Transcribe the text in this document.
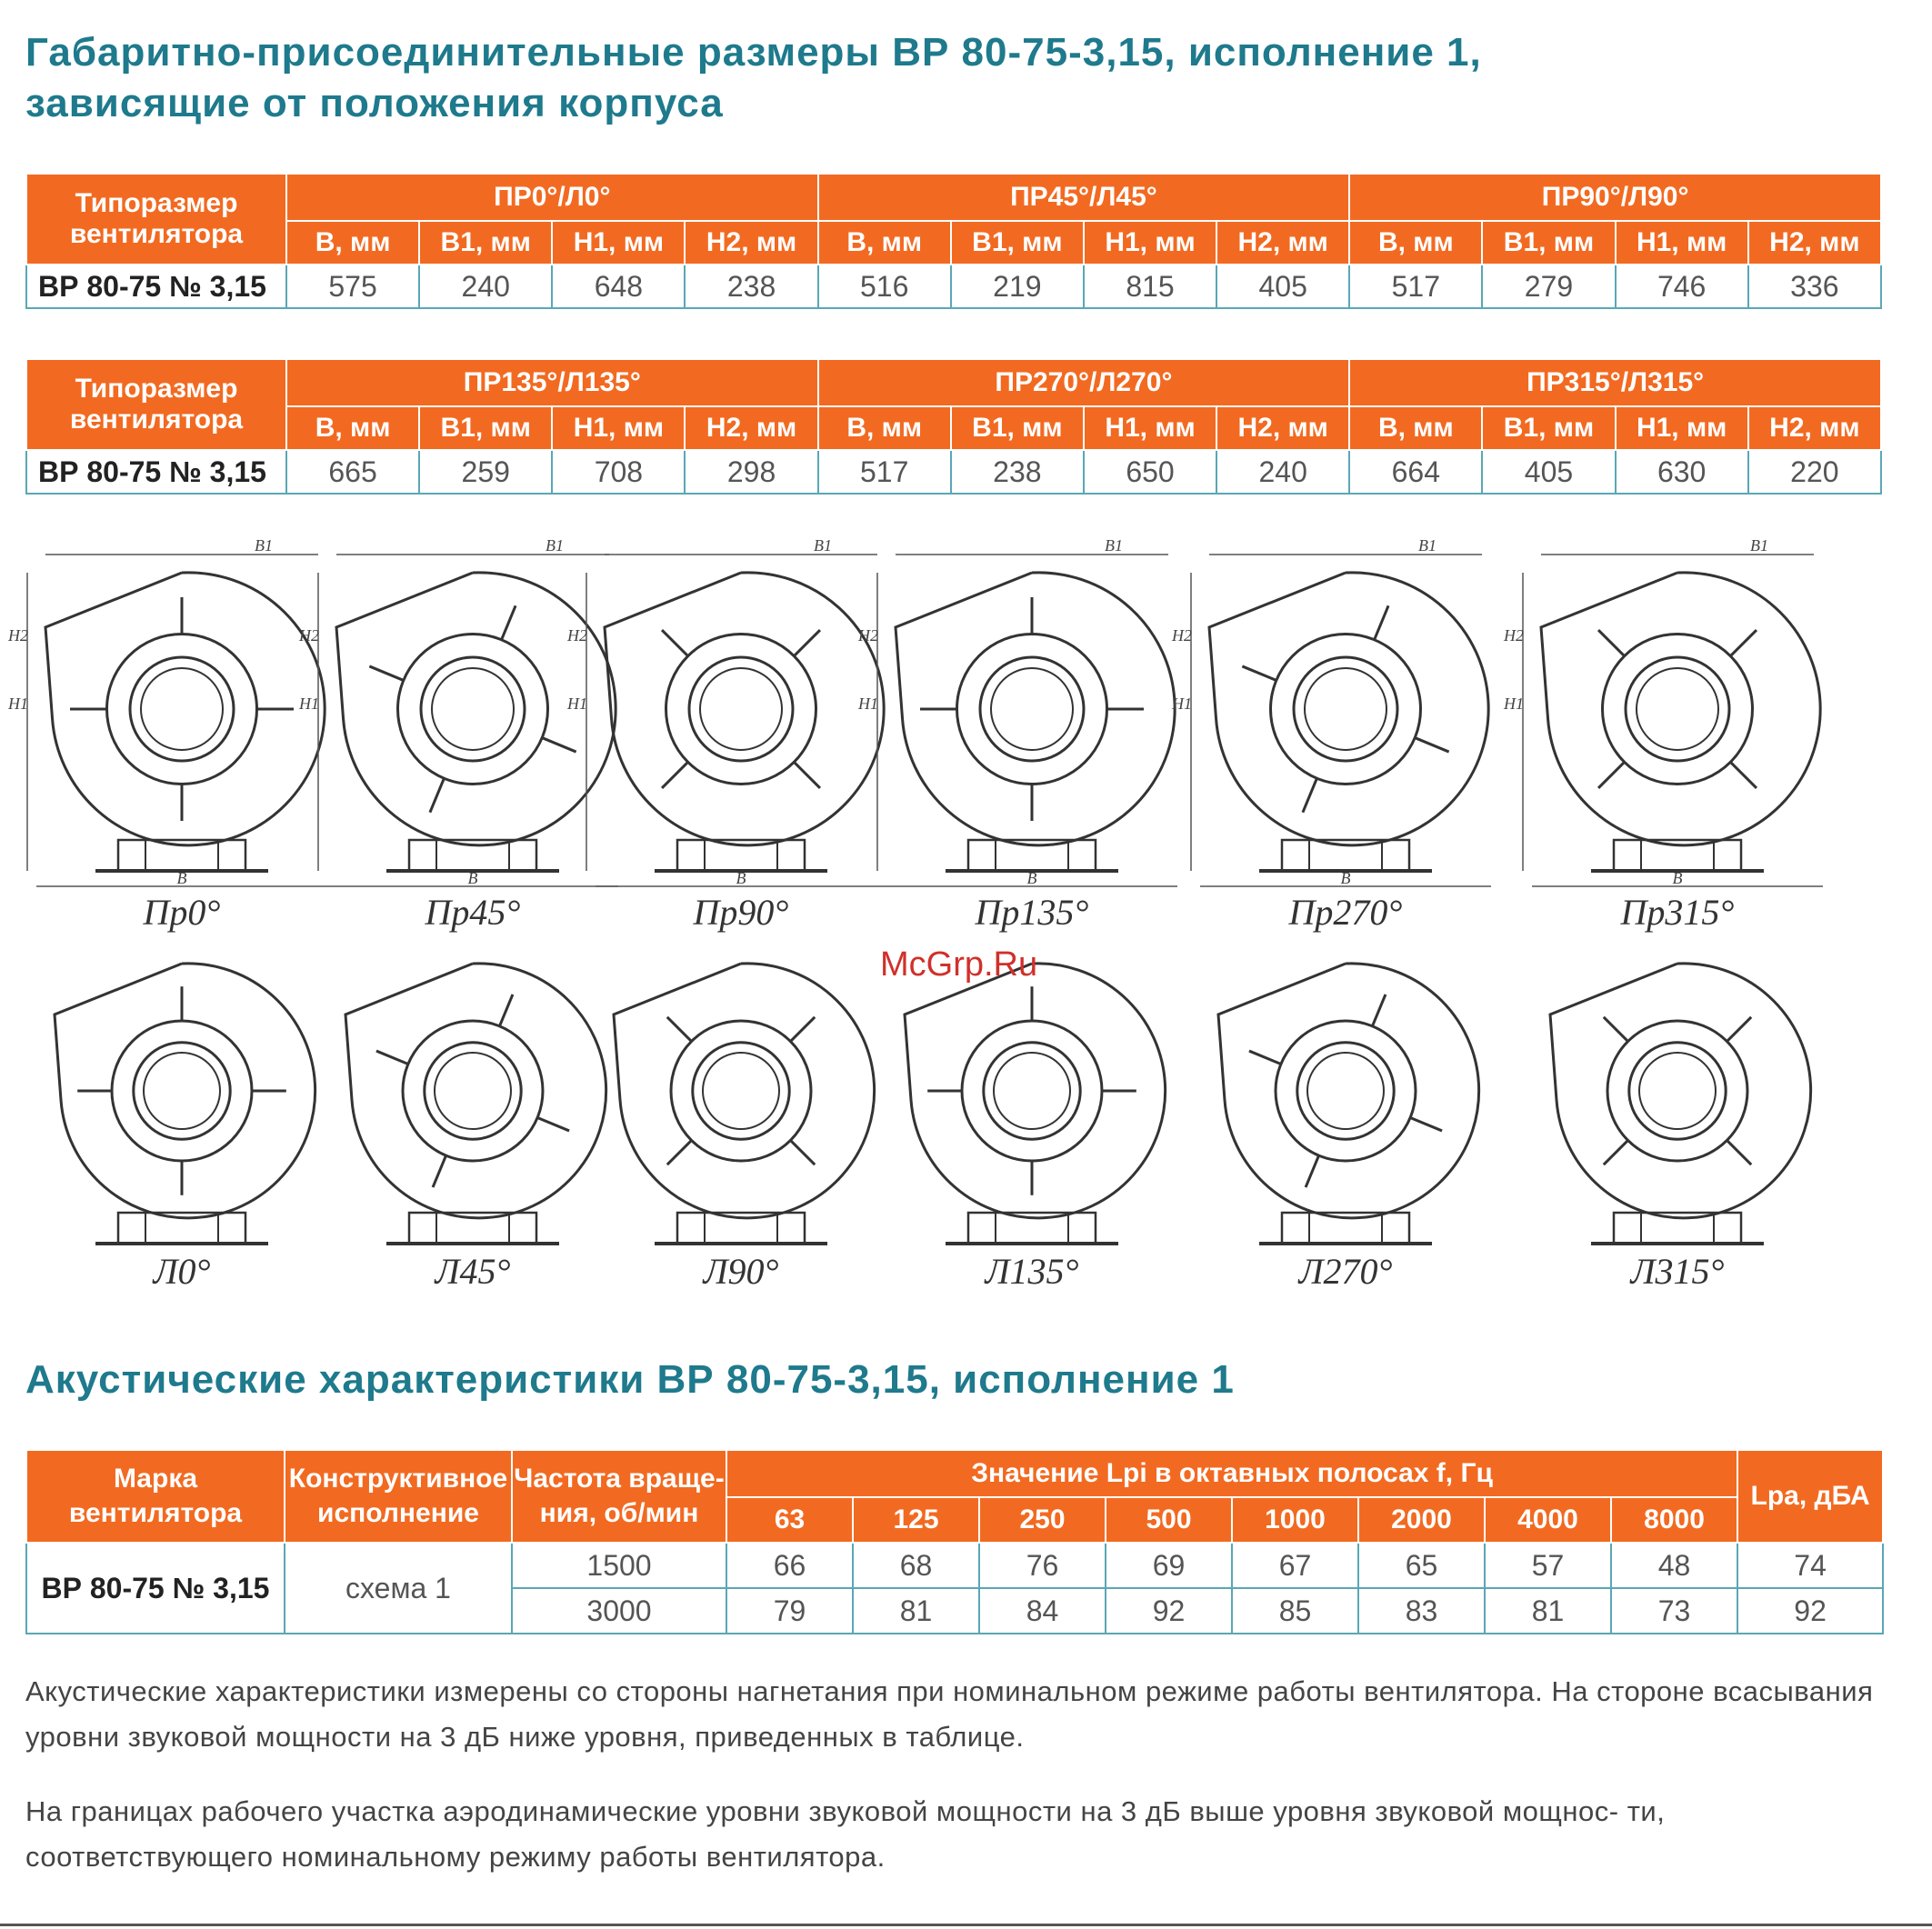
Габаритно-присоединительные размеры ВР 80-75-3,15, исполнение 1,
зависящие от положения корпуса
Типоразмер вентилятора	ПР0°/Л0°				ПР45°/Л45°				ПР90°/Л90°			
	В, мм	В1, мм	Н1, мм	Н2, мм	В, мм	В1, мм	Н1, мм	Н2, мм	В, мм	В1, мм	Н1, мм	Н2, мм
ВР 80-75 № 3,15	575	240	648	238	516	219	815	405	517	279	746	336
Типоразмер вентилятора	ПР135°/Л135°				ПР270°/Л270°				ПР315°/Л315°			
	В, мм	В1, мм	Н1, мм	Н2, мм	В, мм	В1, мм	Н1, мм	Н2, мм	В, мм	В1, мм	Н1, мм	Н2, мм
ВР 80-75 № 3,15	665	259	708	298	517	238	650	240	664	405	630	220
B
B1
H1
H2
Пр0°
B
B1
H1
H2
Пр45°
B
B1
H1
H2
Пр90°
B
B1
H1
H2
Пр135°
B
B1
H1
H2
Пр270°
B
B1
H1
H2
Пр315°
Л0°	Л45°	Л90°	Л135°	Л270°	Л315°
McGrp.Ru
Акустические характеристики ВР 80-75-3,15, исполнение 1
Марка вентилятора	Конструктивное исполнение	Частота враще- ния, об/мин	Значение Lpi в октавных полосах f, Гц								Lpa, дБА
			63	125	250	500	1000	2000	4000	8000	
ВР 80-75 № 3,15	схема 1	1500	66	68	76	69	67	65	57	48	74
		3000	79	81	84	92	85	83	81	73	92
Акустические характеристики измерены со стороны нагнетания при номинальном режиме работы вентилятора. На стороне всасывания уровни звуковой мощности на 3 дБ ниже уровня, приведенных в таблице.
На границах рабочего участка аэродинамические уровни звуковой мощности на 3 дБ выше уровня звуковой мощнос- ти, соответствующего номинальному режиму работы вентилятора.
